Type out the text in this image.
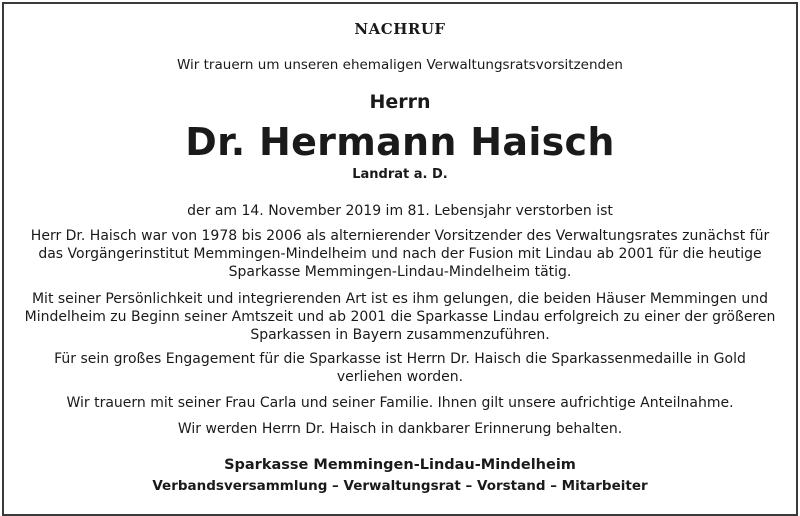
NACHRUF
Wir trauern um unseren ehemaligen Verwaltungsratsvorsitzenden
Herrn
Dr. Hermann Haisch
Landrat a. D.
der am 14. November 2019 im 81. Lebensjahr verstorben ist
Herr Dr. Haisch war von 1978 bis 2006 als alternierender Vorsitzender des Verwaltungsrates zunächst für das Vorgängerinstitut Memmingen-Mindelheim und nach der Fusion mit Lindau ab 2001 für die heutige Sparkasse Memmingen-Lindau-Mindelheim tätig.
Mit seiner Persönlichkeit und integrierenden Art ist es ihm gelungen, die beiden Häuser Memmingen und Mindelheim zu Beginn seiner Amtszeit und ab 2001 die Sparkasse Lindau erfolgreich zu einer der größeren Sparkassen in Bayern zusammenzuführen.
Für sein großes Engagement für die Sparkasse ist Herrn Dr. Haisch die Sparkassenmedaille in Gold verliehen worden.
Wir trauern mit seiner Frau Carla und seiner Familie. Ihnen gilt unsere aufrichtige Anteilnahme.
Wir werden Herrn Dr. Haisch in dankbarer Erinnerung behalten.
Sparkasse Memmingen-Lindau-Mindelheim
Verbandsversammlung – Verwaltungsrat – Vorstand – Mitarbeiter
